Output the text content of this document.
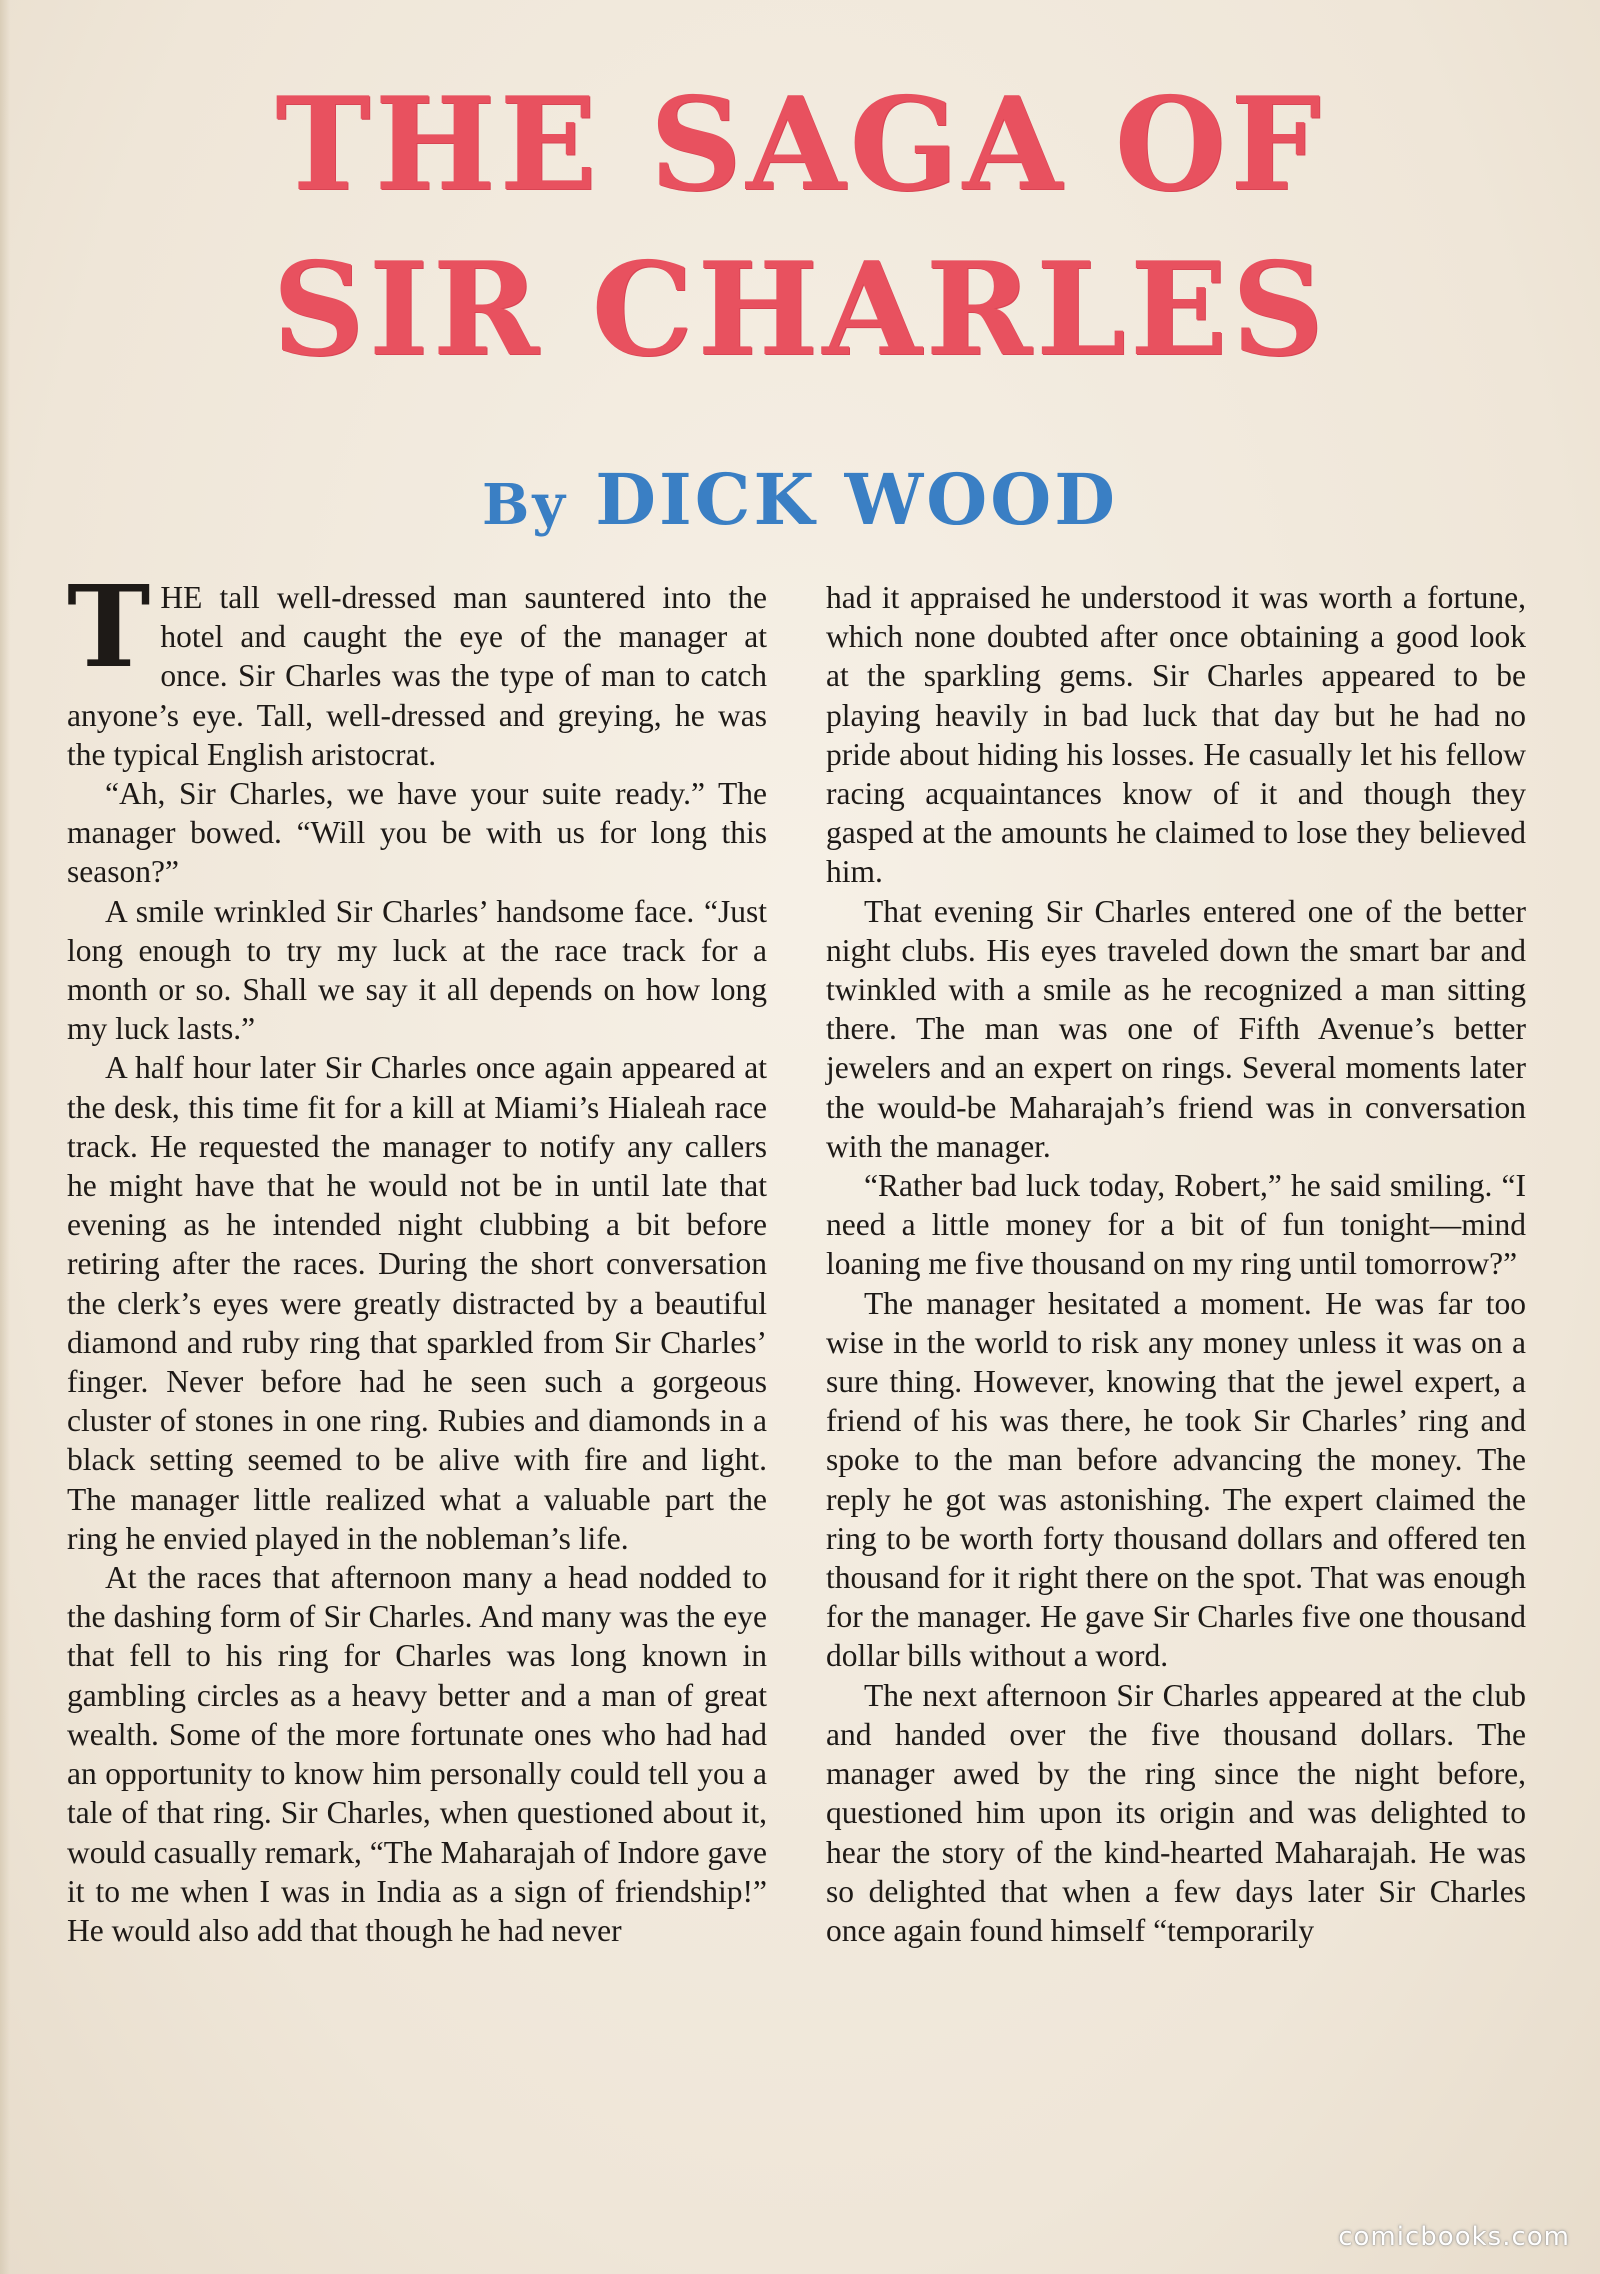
THE SAGA OF
SIR CHARLES
By DICK WOOD

THE tall well-dressed man sauntered into the hotel and caught the eye of the manager at once. Sir Charles was the type of man to catch anyone’s eye. Tall, well-dressed and greying, he was the typical English aristocrat.

“Ah, Sir Charles, we have your suite ready.” The manager bowed. “Will you be with us for long this season?”

A smile wrinkled Sir Charles’ handsome face. “Just long enough to try my luck at the race track for a month or so. Shall we say it all depends on how long my luck lasts.”

A half hour later Sir Charles once again appeared at the desk, this time fit for a kill at Miami’s Hialeah race track. He requested the manager to notify any callers he might have that he would not be in until late that evening as he intended night clubbing a bit before retiring after the races. During the short conversation the clerk’s eyes were greatly distracted by a beautiful diamond and ruby ring that sparkled from Sir Charles’ finger. Never before had he seen such a gorgeous cluster of stones in one ring. Rubies and diamonds in a black setting seemed to be alive with fire and light. The manager little realized what a valuable part the ring he envied played in the nobleman’s life.

At the races that afternoon many a head nodded to the dashing form of Sir Charles. And many was the eye that fell to his ring for Charles was long known in gambling circles as a heavy better and a man of great wealth. Some of the more fortunate ones who had had an opportunity to know him personally could tell you a tale of that ring. Sir Charles, when questioned about it, would casually remark, “The Maharajah of Indore gave it to me when I was in India as a sign of friendship!” He would also add that though he had never

had it appraised he understood it was worth a fortune, which none doubted after once obtaining a good look at the sparkling gems. Sir Charles appeared to be playing heavily in bad luck that day but he had no pride about hiding his losses. He casually let his fellow racing acquaintances know of it and though they gasped at the amounts he claimed to lose they believed him.

That evening Sir Charles entered one of the better night clubs. His eyes traveled down the smart bar and twinkled with a smile as he recognized a man sitting there. The man was one of Fifth Avenue’s better jewelers and an expert on rings. Several moments later the would-be Maharajah’s friend was in conversation with the manager.

“Rather bad luck today, Robert,” he said smiling. “I need a little money for a bit of fun tonight—mind loaning me five thousand on my ring until tomorrow?”

The manager hesitated a moment. He was far too wise in the world to risk any money unless it was on a sure thing. However, knowing that the jewel expert, a friend of his was there, he took Sir Charles’ ring and spoke to the man before advancing the money. The reply he got was astonishing. The expert claimed the ring to be worth forty thousand dollars and offered ten thousand for it right there on the spot. That was enough for the manager. He gave Sir Charles five one thousand dollar bills without a word.

The next afternoon Sir Charles appeared at the club and handed over the five thousand dollars. The manager awed by the ring since the night before, questioned him upon its origin and was delighted to hear the story of the kind-hearted Maharajah. He was so delighted that when a few days later Sir Charles once again found himself “temporarily

comicbooks.com
